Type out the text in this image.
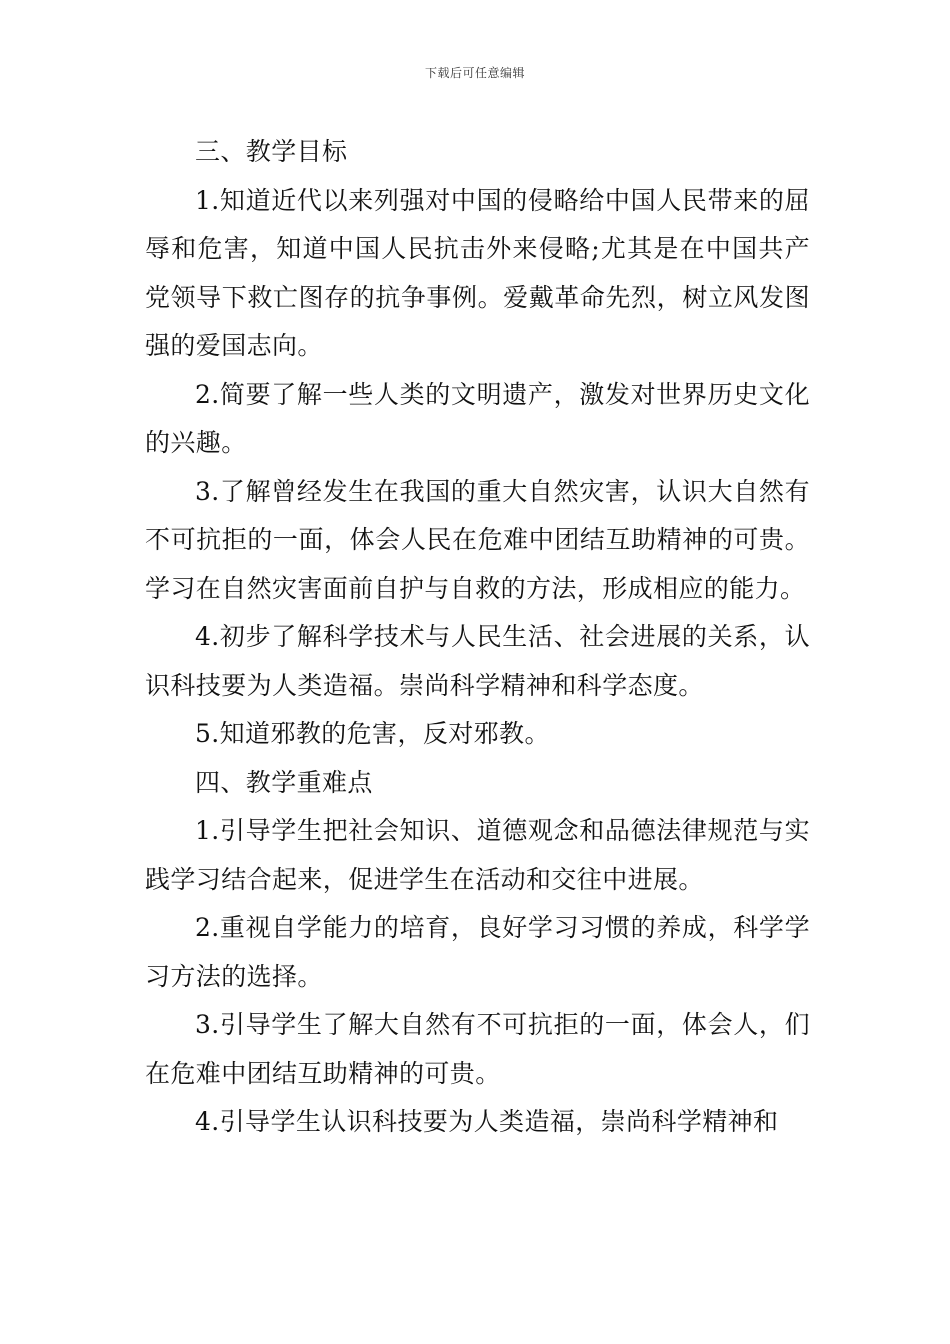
下载后可任意编辑

三、教学目标

1.知道近代以来列强对中国的侵略给中国人民带来的屈辱和危害，知道中国人民抗击外来侵略;尤其是在中国共产党领导下救亡图存的抗争事例。爱戴革命先烈，树立风发图强的爱国志向。

2.简要了解一些人类的文明遗产，激发对世界历史文化的兴趣。

3.了解曾经发生在我国的重大自然灾害，认识大自然有不可抗拒的一面，体会人民在危难中团结互助精神的可贵。学习在自然灾害面前自护与自救的方法，形成相应的能力。

4.初步了解科学技术与人民生活、社会进展的关系，认识科技要为人类造福。崇尚科学精神和科学态度。

5.知道邪教的危害，反对邪教。

四、教学重难点

1.引导学生把社会知识、道德观念和品德法律规范与实践学习结合起来，促进学生在活动和交往中进展。

2.重视自学能力的培育，良好学习习惯的养成，科学学习方法的选择。

3.引导学生了解大自然有不可抗拒的一面，体会人，们在危难中团结互助精神的可贵。

4.引导学生认识科技要为人类造福，崇尚科学精神和
